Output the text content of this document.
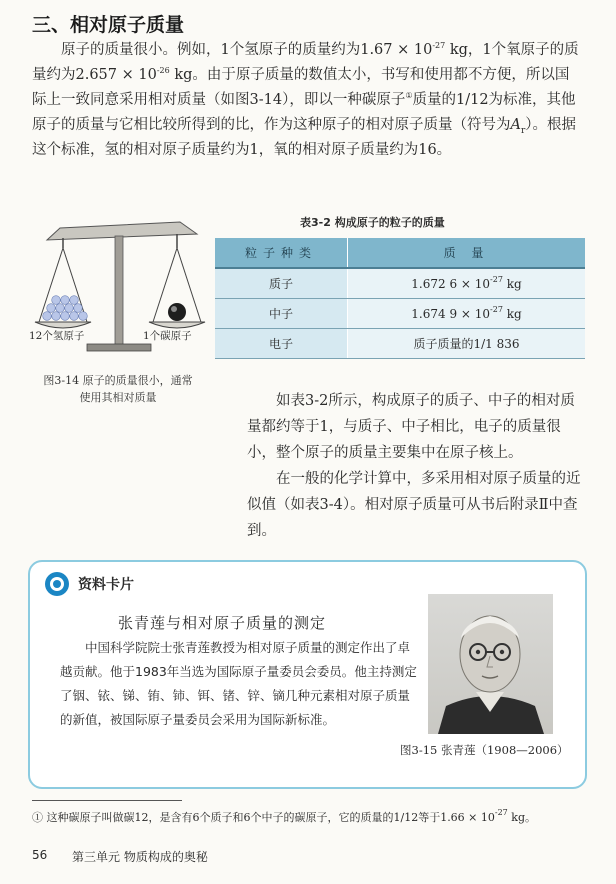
三、相对原子质量

原子的质量很小。例如，1个氢原子的质量约为$1.67 \times 10^{-27}$ kg，1个氧原子的质量约为$2.657 \times 10^{-26}$ kg。由于原子质量的数值太小，书写和使用都不方便，所以国际上一致同意采用相对质量（如图3-14），即以一种碳原子①质量的1/12为标准，其他原子的质量与它相比较所得到的比，作为这种原子的相对原子质量（符号为$A_r$）。根据这个标准，氢的相对原子质量约为1，氧的相对原子质量约为16。

12个氢原子	1个碳原子
图3-14 原子的质量很小，通常
使用其相对质量
表3-2 构成原子的粒子的质量
粒子种类	质 量
质子	1.672 $6 \times 10^{-27}$ kg
中子	1.674 $9 \times 10^{-27}$ kg
电子	质子质量的1/1 836

如表3-2所示，构成原子的质子、中子的相对质量都约等于1，与质子、中子相比，电子的质量很小，整个原子的质量主要集中在原子核上。

在一般的化学计算中，多采用相对原子质量的近似值（如表3-4）。相对原子质量可从书后附录Ⅱ中查到。

资料卡片
张青莲与相对原子质量的测定

中国科学院院士张青莲教授为相对原子质量的测定作出了卓越贡献。他于1983年当选为国际原子量委员会委员。他主持测定了铟、铱、锑、铕、铈、铒、锗、锌、镝几种元素相对原子质量的新值，被国际原子量委员会采用为国际新标准。

图3-15 张青莲（1908—2006）
① 这种碳原子叫做碳12，是含有6个质子和6个中子的碳原子，它的质量的1/12等于$1.66 \times 10^{-27}$ kg。
56 第三单元 物质构成的奥秘
